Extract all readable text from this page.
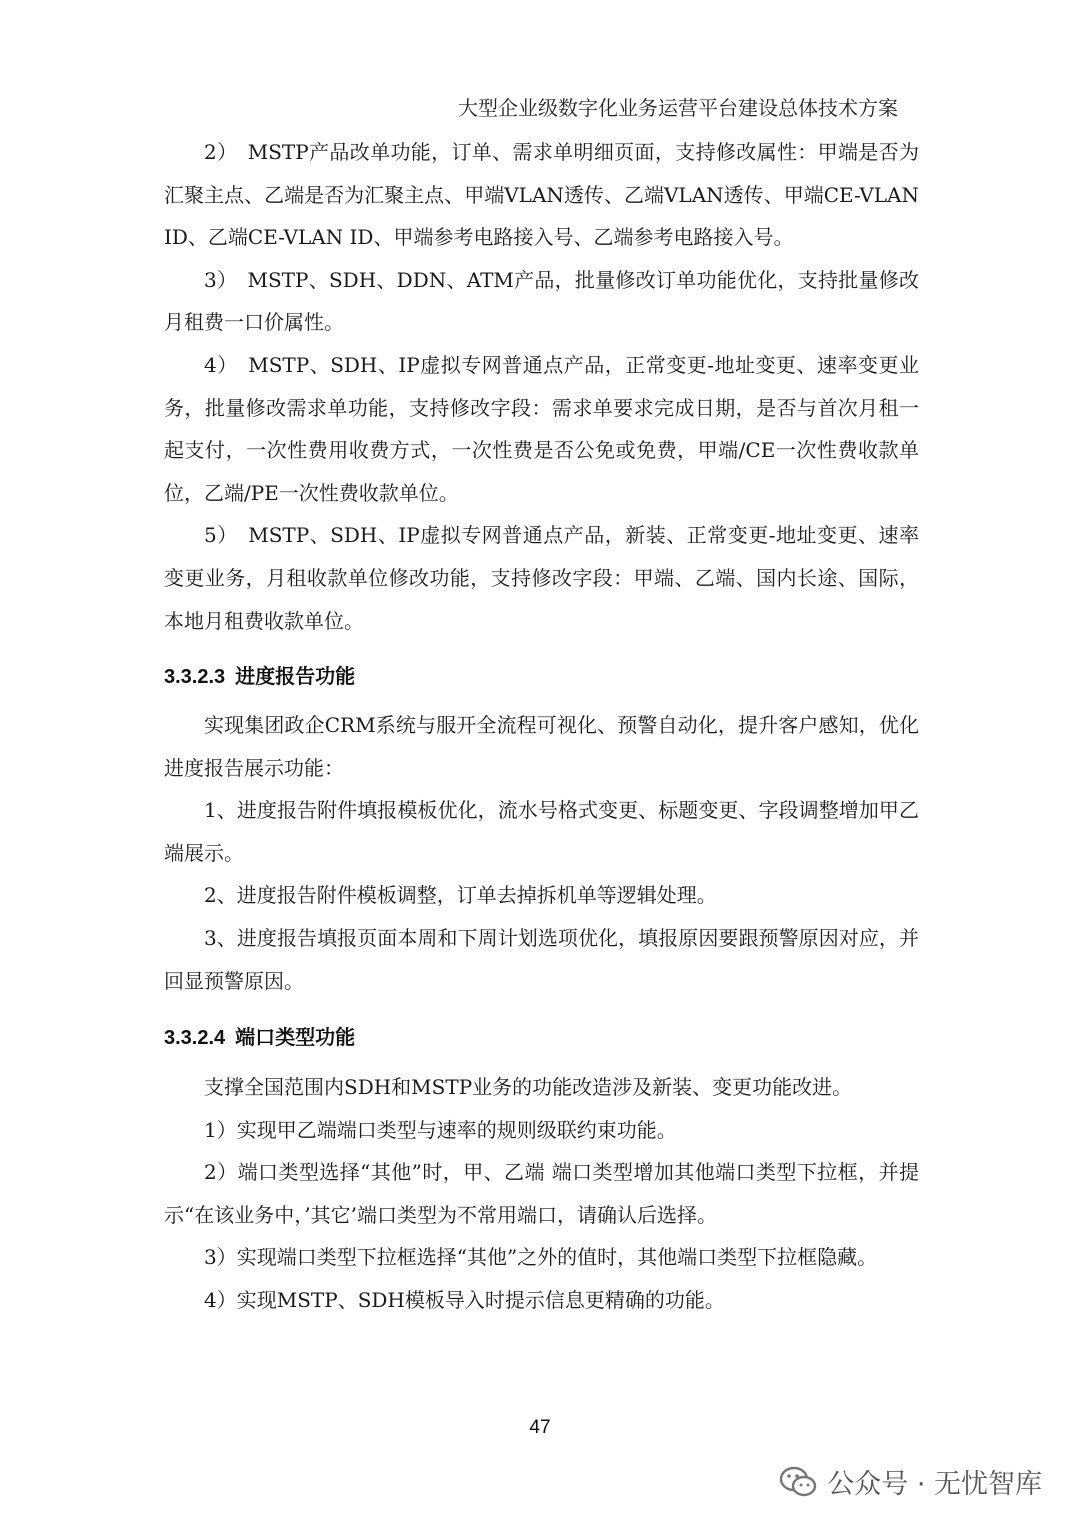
大型企业级数字化业务运营平台建设总体技术方案

2）　MSTP产品改单功能，订单、需求单明细页面，支持修改属性：甲端是否为汇聚主点、乙端是否为汇聚主点、甲端VLAN透传、乙端VLAN透传、甲端CE-VLAN ID、乙端CE-VLAN ID、甲端参考电路接入号、乙端参考电路接入号。

3）　MSTP、SDH、DDN、ATM产品，批量修改订单功能优化，支持批量修改月租费一口价属性。

4）　MSTP、SDH、IP虚拟专网普通点产品，正常变更-地址变更、速率变更业务，批量修改需求单功能，支持修改字段：需求单要求完成日期，是否与首次月租一起支付，一次性费用收费方式，一次性费是否公免或免费，甲端/CE一次性费收款单位，乙端/PE一次性费收款单位。

5）　MSTP、SDH、IP虚拟专网普通点产品，新装、正常变更-地址变更、速率变更业务，月租收款单位修改功能，支持修改字段：甲端、乙端、国内长途、国际，本地月租费收款单位。

3.3.2.3 进度报告功能

实现集团政企CRM系统与服开全流程可视化、预警自动化，提升客户感知，优化进度报告展示功能：

1、进度报告附件填报模板优化，流水号格式变更、标题变更、字段调整增加甲乙端展示。

2、进度报告附件模板调整，订单去掉拆机单等逻辑处理。

3、进度报告填报页面本周和下周计划选项优化，填报原因要跟预警原因对应，并回显预警原因。

3.3.2.4 端口类型功能

支撑全国范围内SDH和MSTP业务的功能改造涉及新装、变更功能改进。

1）实现甲乙端端口类型与速率的规则级联约束功能。

2）端口类型选择“其他”时，甲、乙端 端口类型增加其他端口类型下拉框，并提示“在该业务中，’其它’端口类型为不常用端口，请确认后选择。

3）实现端口类型下拉框选择“其他”之外的值时，其他端口类型下拉框隐藏。

4）实现MSTP、SDH模板导入时提示信息更精确的功能。

47
公众号 · 无忧智库
